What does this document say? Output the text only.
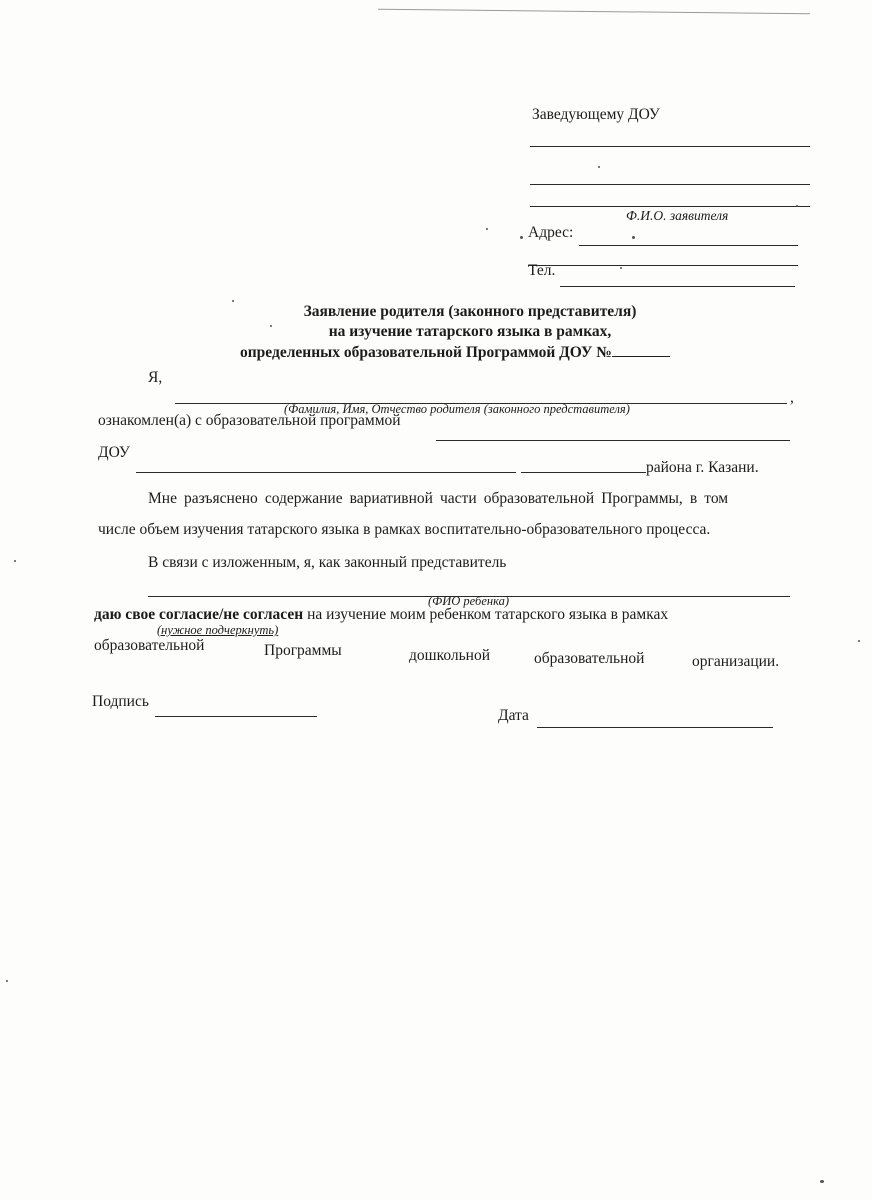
Заведующему ДОУ
Ф.И.О. заявителя
Адрес:
Тел.
Заявление родителя (законного представителя)
на изучение татарского языка в рамках,
определенных образовательной Программой ДОУ №
Я,
,
(Фамилия, Имя, Отчество родителя (законного представителя)
ознакомлен(а) с образовательной программой
ДОУ
района г. Казани.
Мне разъяснено содержание вариативной части образовательной Программы, в том
числе объем изучения татарского языка в рамках воспитательно-образовательного процесса.
В связи с изложенным, я, как законный представитель
(ФИО ребенка)
даю свое согласие/не согласен на изучение моим ребенком татарского языка в рамках
(нужное подчеркнуть)
образовательной	Программы	дошкольной	образовательной	организации.
Подпись
Дата
